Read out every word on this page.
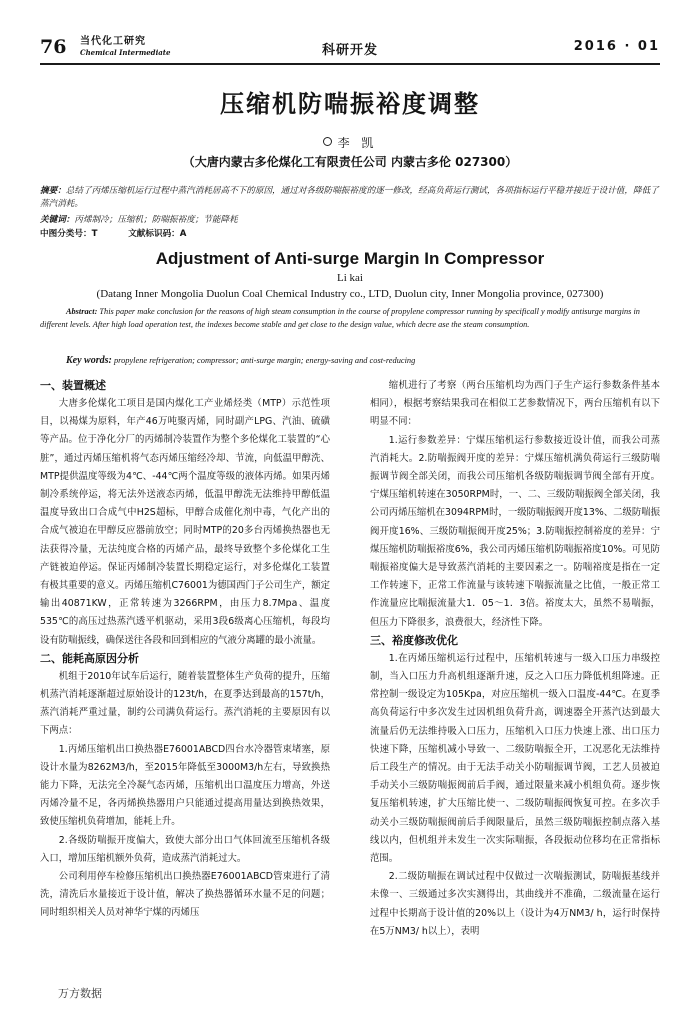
76 当代化工研究
Chemical Intermediate	科研开发	2016 · 01
压缩机防喘振裕度调整
李 凯
（大唐内蒙古多伦煤化工有限责任公司 内蒙古多伦 027300）
摘要：总结了丙烯压缩机运行过程中蒸汽消耗居高不下的原因，通过对各级防喘振裕度的逐一修改，经高负荷运行测试，各项指标运行平稳并接近于设计值，降低了蒸汽消耗。
关键词：丙烯制冷；压缩机；防喘振裕度；节能降耗
中图分类号：T	文献标识码：A
Adjustment of Anti-surge Margin In Compressor
Li kai
(Datang Inner Mongolia Duolun Coal Chemical Industry co., LTD, Duolun city, Inner Mongolia province, 027300)
Abstract: This paper make conclusion for the reasons of high steam consumption in the course of propylene compressor running by specificall y modify antisurge margins in different levels. After high load operation test, the indexes become stable and get close to the design value, which decre ase the steam consumption.
Key words: propylene refrigeration; compressor; anti-surge margin; energy-saving and cost-reducing
一、装置概述

大唐多伦煤化工项目是国内煤化工产业烯烃类（MTP）示范性项目，以褐煤为原料，年产46万吨聚丙烯，同时副产LPG、汽油、硫磺等产品。位于净化分厂的丙烯制冷装置作为整个多伦煤化工装置的“心脏”，通过丙烯压缩机将气态丙烯压缩经冷却、节流，向低温甲醇洗、MTP提供温度等级为4℃、-44℃两个温度等级的液体丙烯。如果丙烯制冷系统停运，将无法外送液态丙烯，低温甲醇洗无法维持甲醇低温温度导致出口合成气中H2S超标，甲醇合成催化剂中毒，气化产出的合成气被迫在甲醇反应器前放空；同时MTP的20多台丙烯换热器也无法获得冷量，无法纯度合格的丙烯产品，最终导致整个多伦煤化工生产链被迫停运。保证丙烯制冷装置长期稳定运行，对多伦煤化工装置有极其重要的意义。丙烯压缩机C76001为德国西门子公司生产，额定输出40871KW，正常转速为3266RPM，由压力8.7Mpa、温度535℃的高压过热蒸汽透平机驱动，采用3段6级离心压缩机，每段均设有防喘振线，确保送往各段和回到相应的气液分离罐的最小流量。

二、能耗高原因分析

机组于2010年试车后运行，随着装置整体生产负荷的提升，压缩机蒸汽消耗逐渐超过原始设计的123t/h，在夏季达到最高的157t/h，蒸汽消耗严重过量，制约公司满负荷运行。蒸汽消耗的主要原因有以下两点：

1.丙烯压缩机出口换热器E76001ABCD四台水冷器管束堵塞，原设计水量为8262M3/h，至2015年降低至3000M3/h左右，导致换热能力下降，无法完全冷凝气态丙烯，压缩机出口温度压力增高，外送丙烯冷量不足，各丙烯换热器用户只能通过提高用量达到换热效果，致使压缩机负荷增加，能耗上升。

2.各级防喘振开度偏大，致使大部分出口气体回流至压缩机各级入口，增加压缩机额外负荷，造成蒸汽消耗过大。

公司利用停车检修压缩机出口换热器E76001ABCD管束进行了清洗，清洗后水量接近于设计值，解决了换热器循环水量不足的问题；同时组织相关人员对神华宁煤的丙烯压

缩机进行了考察（两台压缩机均为西门子生产运行参数条件基本相同），根据考察结果我司在相似工艺参数情况下，两台压缩机有以下明显不同：

1.运行参数差异：宁煤压缩机运行参数接近设计值，而我公司蒸汽消耗大。2.防喘振阀开度的差异：宁煤压缩机满负荷运行三级防喘振调节阀全部关闭，而我公司压缩机各级防喘振调节阀全部有开度。宁煤压缩机转速在3050RPM时，一、二、三级防喘振阀全部关闭，我公司丙烯压缩机在3094RPM时，一级防喘振阀开度13%、二级防喘振阀开度16%、三级防喘振阀开度25%；3.防喘振控制裕度的差异：宁煤压缩机防喘振裕度6%，我公司丙烯压缩机防喘振裕度10%。可见防喘振裕度偏大是导致蒸汽消耗的主要因素之一。防喘裕度是指在一定工作转速下，正常工作流量与该转速下喘振流量之比值，一般正常工作流量应比喘振流量大1．05～1．3倍。裕度太大，虽然不易喘振，但压力下降很多，浪费很大，经济性下降。

三、裕度修改优化

1.在丙烯压缩机运行过程中，压缩机转速与一级入口压力串级控制，当入口压力升高机组逐渐升速，反之入口压力降低机组降速。正常控制一级设定为105Kpa，对应压缩机一级入口温度-44℃。在夏季高负荷运行中多次发生过因机组负荷升高，调速器全开蒸汽达到最大流量后仍无法维持吸入口压力，压缩机入口压力快速上涨、出口压力快速下降，压缩机减小导致一、二级防喘振全开，工况恶化无法维持后工段生产的情况。由于无法手动关小防喘振调节阀，工艺人员被迫手动关小三级防喘振阀前后手阀，通过限量来减小机组负荷。逐步恢复压缩机转速，扩大压缩比使一、二级防喘振阀恢复可控。在多次手动关小三级防喘振阀前后手阀限量后，虽然三级防喘振控制点落入基线以内，但机组并未发生一次实际喘振，各段振动位移均在正常指标范围。

2.二级防喘振在调试过程中仅做过一次喘振测试，防喘振基线并未像一、三级通过多次实测得出，其曲线并不准确，二级流量在运行过程中长期高于设计值的20%以上（设计为4万NM3/ h，运行时保持在5万NM3/ h以上），表明

万方数据
